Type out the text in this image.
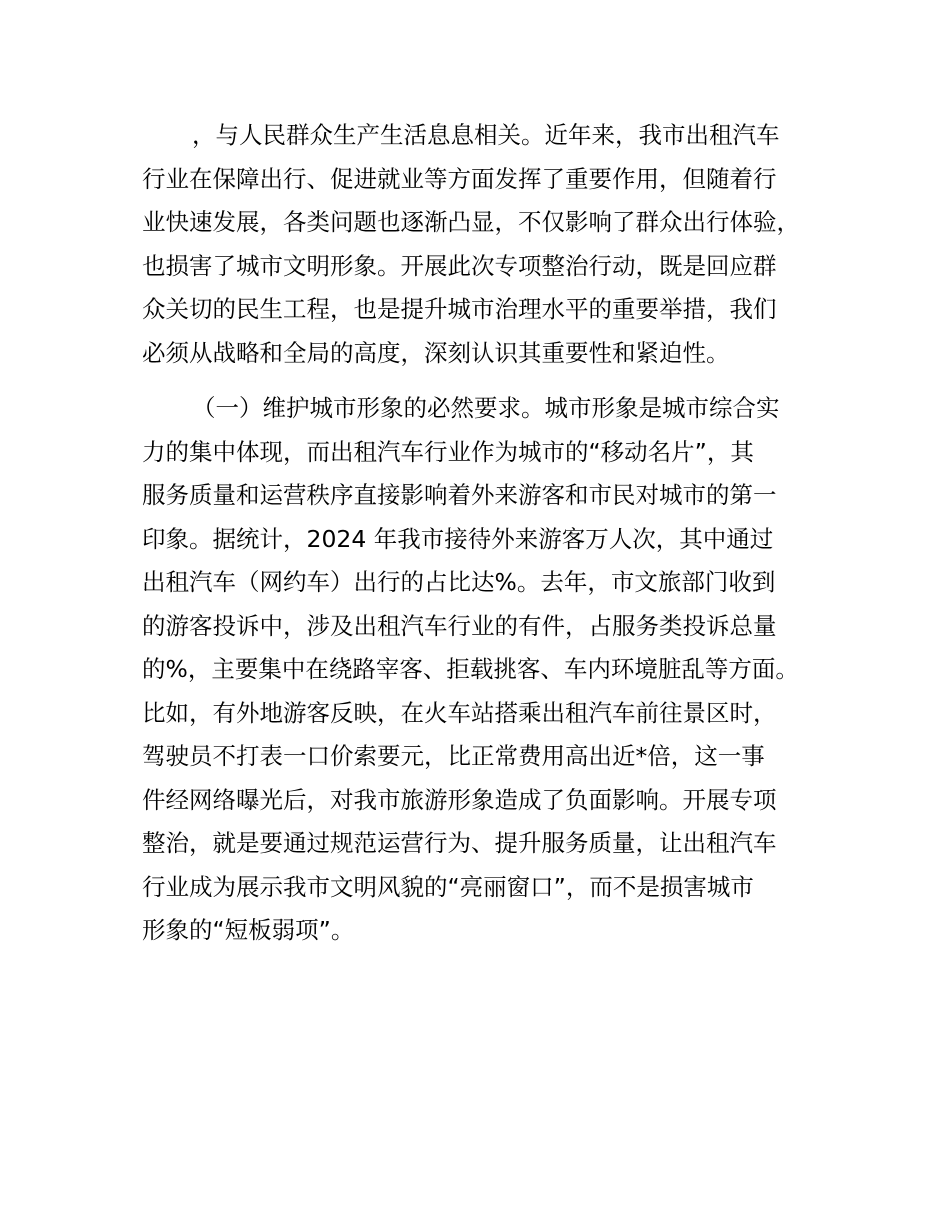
，与人民群众生产生活息息相关。近年来，我市出租汽车
行业在保障出行、促进就业等方面发挥了重要作用，但随着行
业快速发展，各类问题也逐渐凸显，不仅影响了群众出行体验，
也损害了城市文明形象。开展此次专项整治行动，既是回应群
众关切的民生工程，也是提升城市治理水平的重要举措，我们
必须从战略和全局的高度，深刻认识其重要性和紧迫性。
（一）维护城市形象的必然要求。城市形象是城市综合实
力的集中体现，而出租汽车行业作为城市的“移动名片”，其
服务质量和运营秩序直接影响着外来游客和市民对城市的第一
印象。据统计，2024 年我市接待外来游客万人次，其中通过
出租汽车（网约车）出行的占比达%。去年，市文旅部门收到
的游客投诉中，涉及出租汽车行业的有件，占服务类投诉总量
的%，主要集中在绕路宰客、拒载挑客、车内环境脏乱等方面。
比如，有外地游客反映，在火车站搭乘出租汽车前往景区时，
驾驶员不打表一口价索要元，比正常费用高出近*倍，这一事
件经网络曝光后，对我市旅游形象造成了负面影响。开展专项
整治，就是要通过规范运营行为、提升服务质量，让出租汽车
行业成为展示我市文明风貌的“亮丽窗口”，而不是损害城市
形象的“短板弱项”。
